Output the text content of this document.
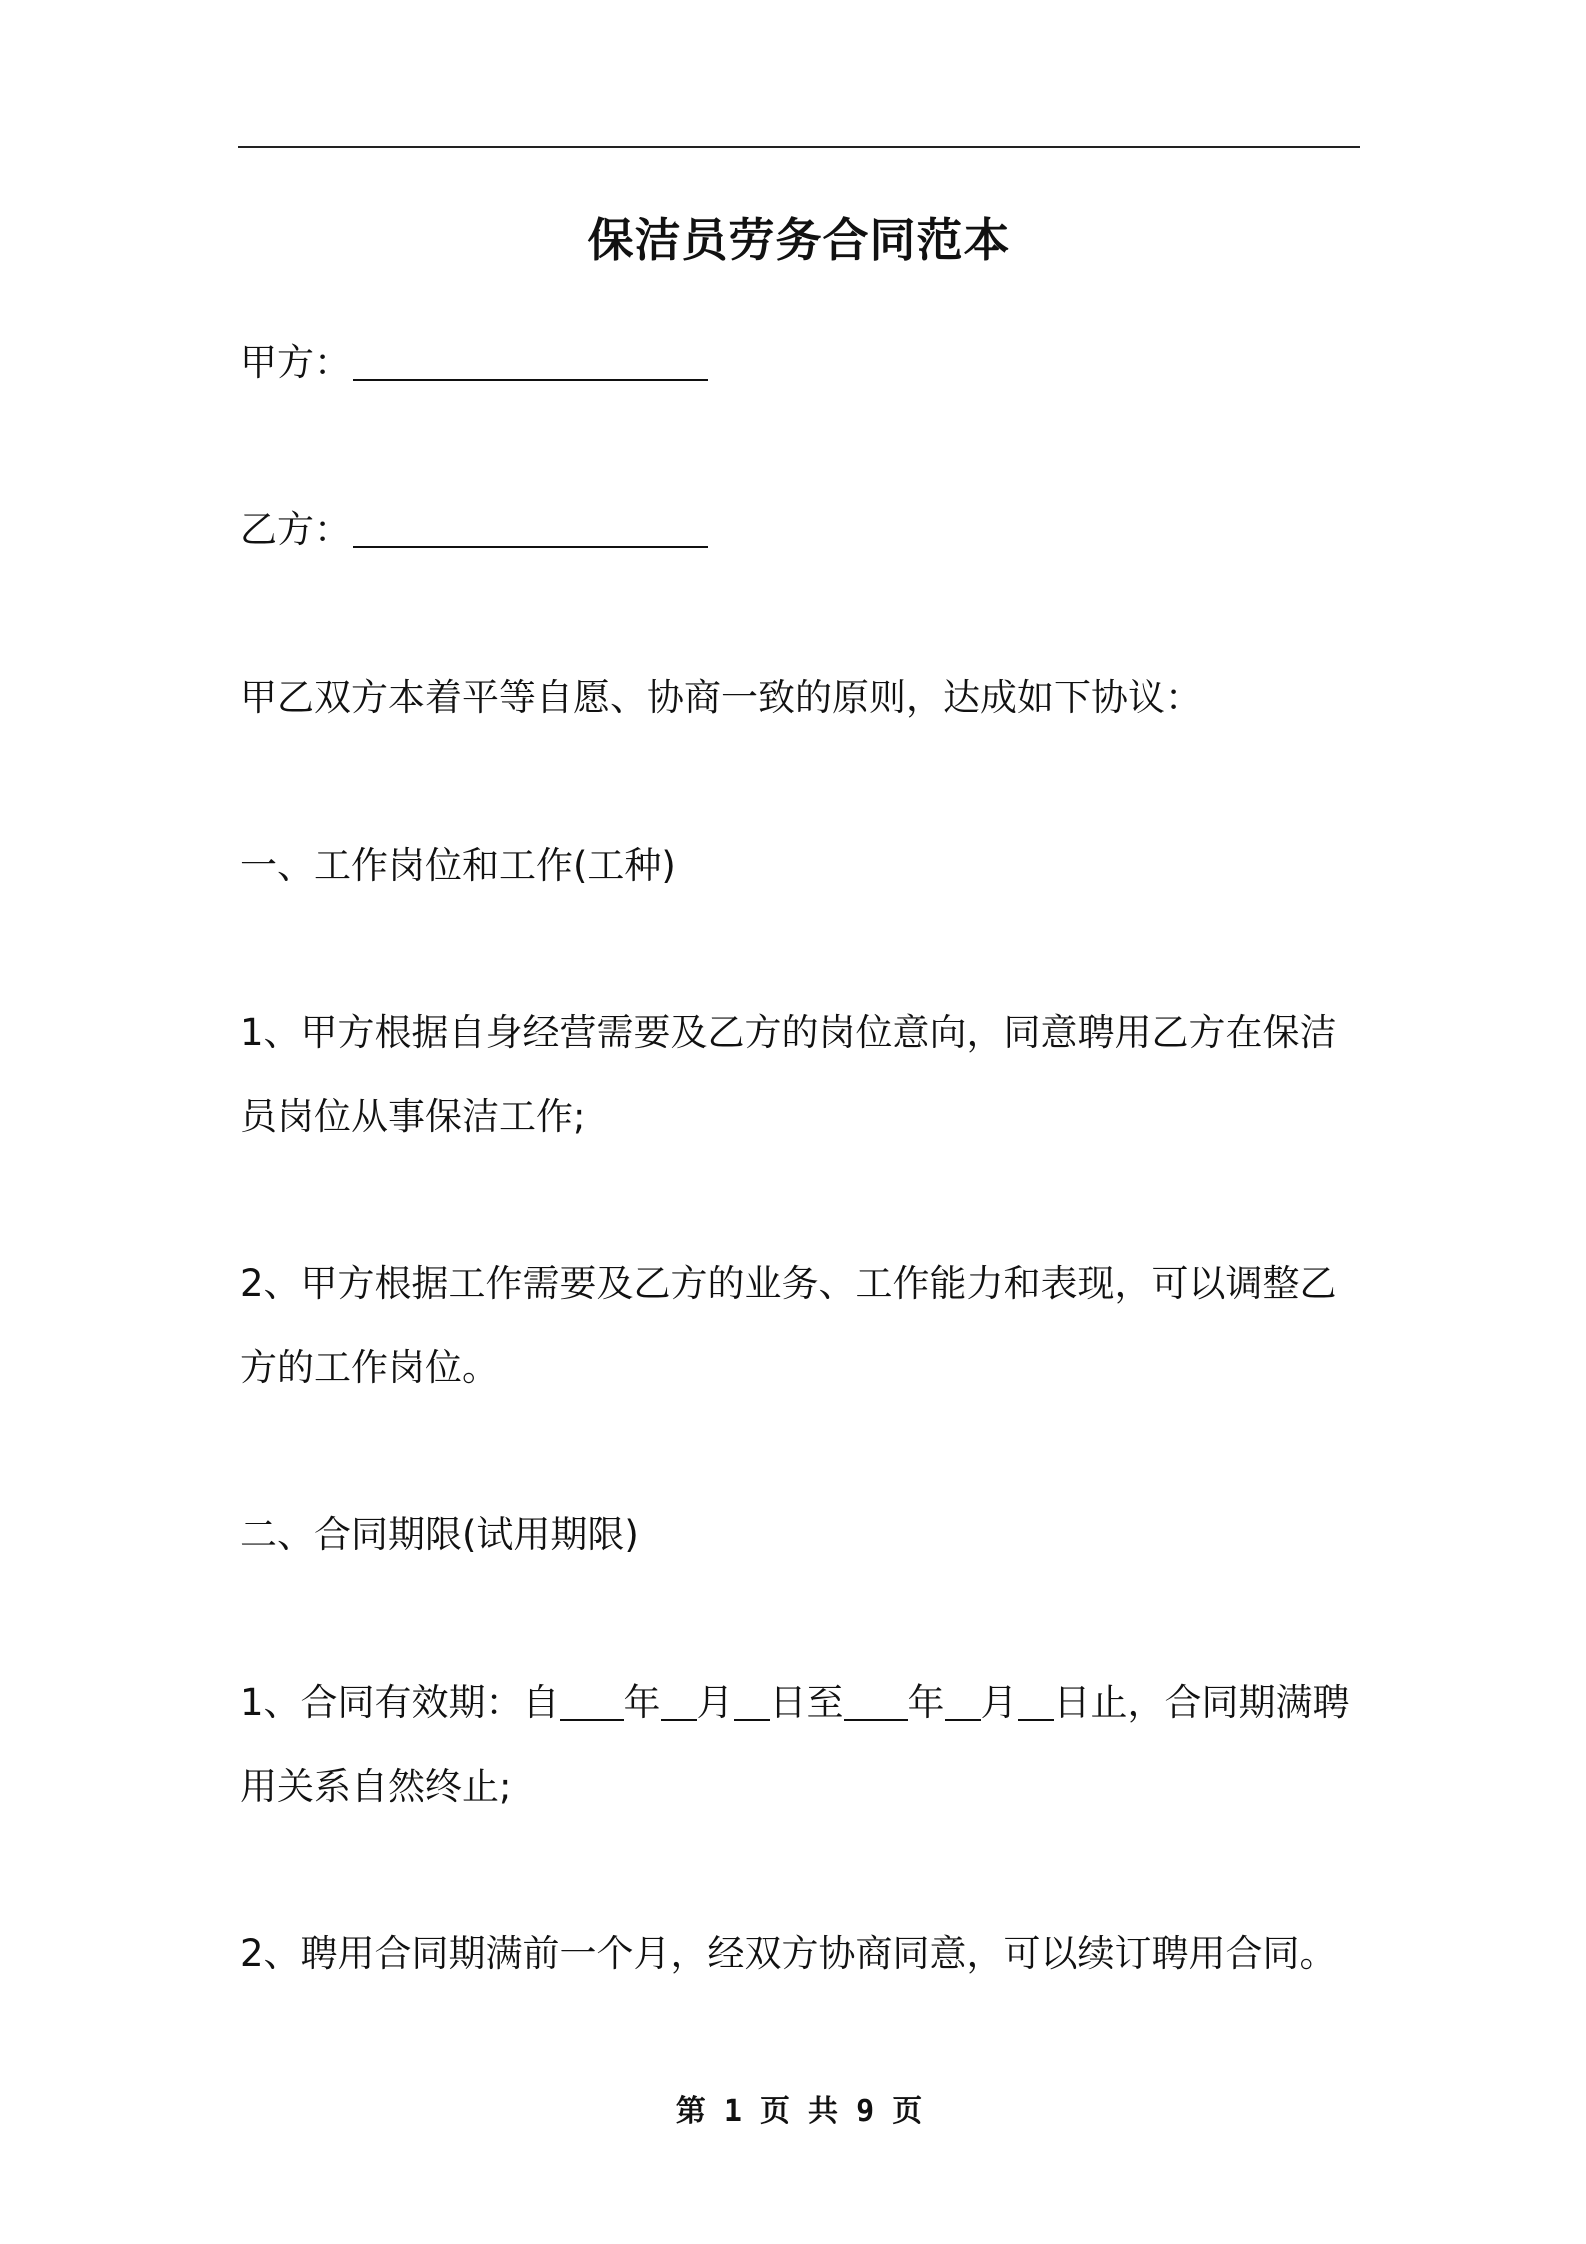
保洁员劳务合同范本
甲方：
乙方：
甲乙双方本着平等自愿、协商一致的原则，达成如下协议：
一、工作岗位和工作(工种)
1、甲方根据自身经营需要及乙方的岗位意向，同意聘用乙方在保洁
员岗位从事保洁工作;
2、甲方根据工作需要及乙方的业务、工作能力和表现，可以调整乙
方的工作岗位。
二、合同期限(试用期限)
1、合同有效期：自 年 月 日至 年 月 日止，合同期满聘
用关系自然终止;
2、聘用合同期满前一个月，经双方协商同意，可以续订聘用合同。
第 1 页 共 9 页
